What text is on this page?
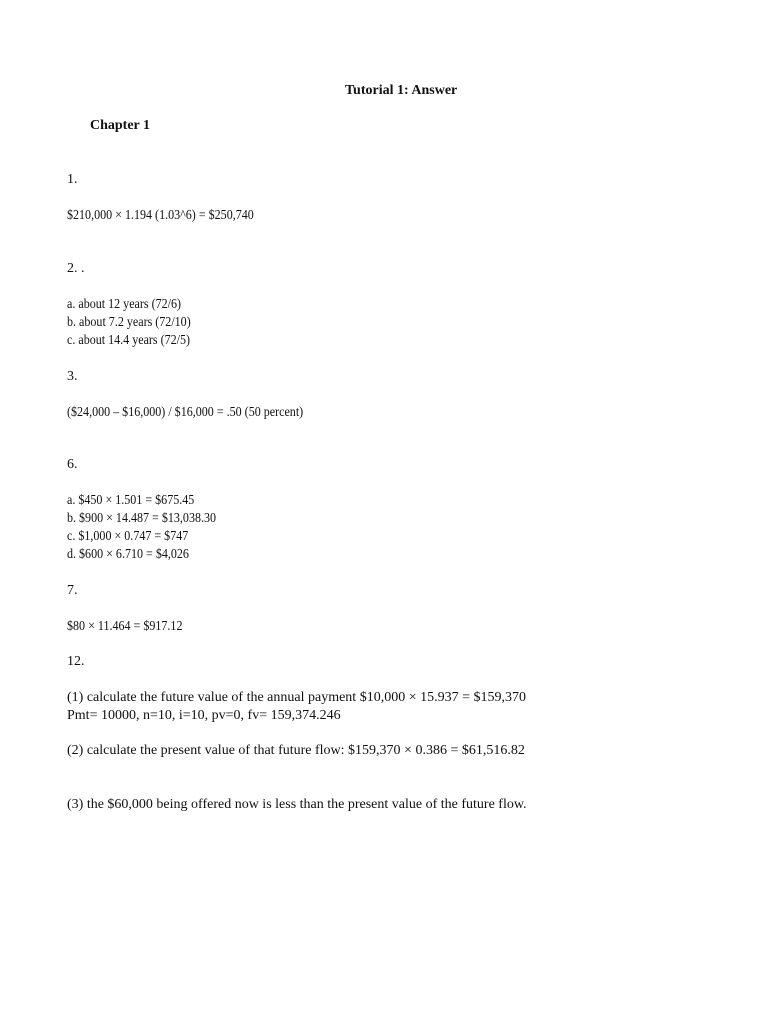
Tutorial 1: Answer
Chapter 1
1.
$210,000 × 1.194 (1.03^6) = $250,740
2. .
a. about 12 years (72/6)
b. about 7.2 years (72/10)
c. about 14.4 years (72/5)
3.
($24,000 – $16,000) / $16,000 = .50 (50 percent)
6.
a. $450 × 1.501 = $675.45
b. $900 × 14.487 = $13,038.30
c. $1,000 × 0.747 = $747
d. $600 × 6.710 = $4,026
7.
$80 × 11.464 = $917.12
12.
(1) calculate the future value of the annual payment $10,000 × 15.937 = $159,370
Pmt= 10000, n=10, i=10, pv=0, fv= 159,374.246
(2) calculate the present value of that future flow: $159,370 × 0.386 = $61,516.82
(3) the $60,000 being offered now is less than the present value of the future flow.
